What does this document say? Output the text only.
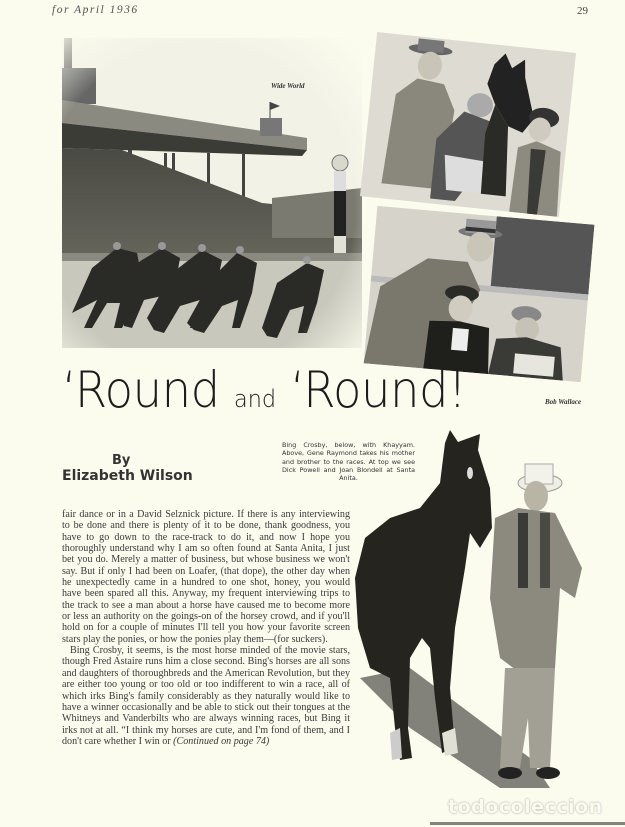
for April 1936	29
Wide World
Bob Wallace
‘Round and ‘Round!
By
Elizabeth Wilson
Bing Crosby, below, with Khayyam. Above, Gene Raymond takes his mother and brother to the races. At top we see Dick Powell and Joan Blondell at Santa Anita.

fair dance or in a David Selznick picture. If there is any interviewing to be done and there is plenty of it to be done, thank goodness, you have to go down to the race-track to do it, and now I hope you thoroughly understand why I am so often found at Santa Anita, I just bet you do. Merely a matter of business, but whose business we won't say. But if only I had been on Loafer, (that dope), the other day when he unexpectedly came in a hundred to one shot, honey, you would have been spared all this. Anyway, my frequent interviewing trips to the track to see a man about a horse have caused me to become more or less an authority on the goings-on of the horsey crowd, and if you'll hold on for a couple of minutes I'll tell you how your favorite screen stars play the ponies, or how the ponies play them—(for suckers).

Bing Crosby, it seems, is the most horse minded of the movie stars, though Fred Astaire runs him a close second. Bing's horses are all sons and daughters of thoroughbreds and the American Revolution, but they are either too young or too old or too indifferent to win a race, all of which irks Bing's family considerably as they naturally would like to have a winner occasionally and be able to stick out their tongues at the Whitneys and Vanderbilts who are always winning races, but Bing it irks not at all. “I think my horses are cute, and I'm fond of them, and I don't care whether I win or (Continued on page 74)

todocoleccion
